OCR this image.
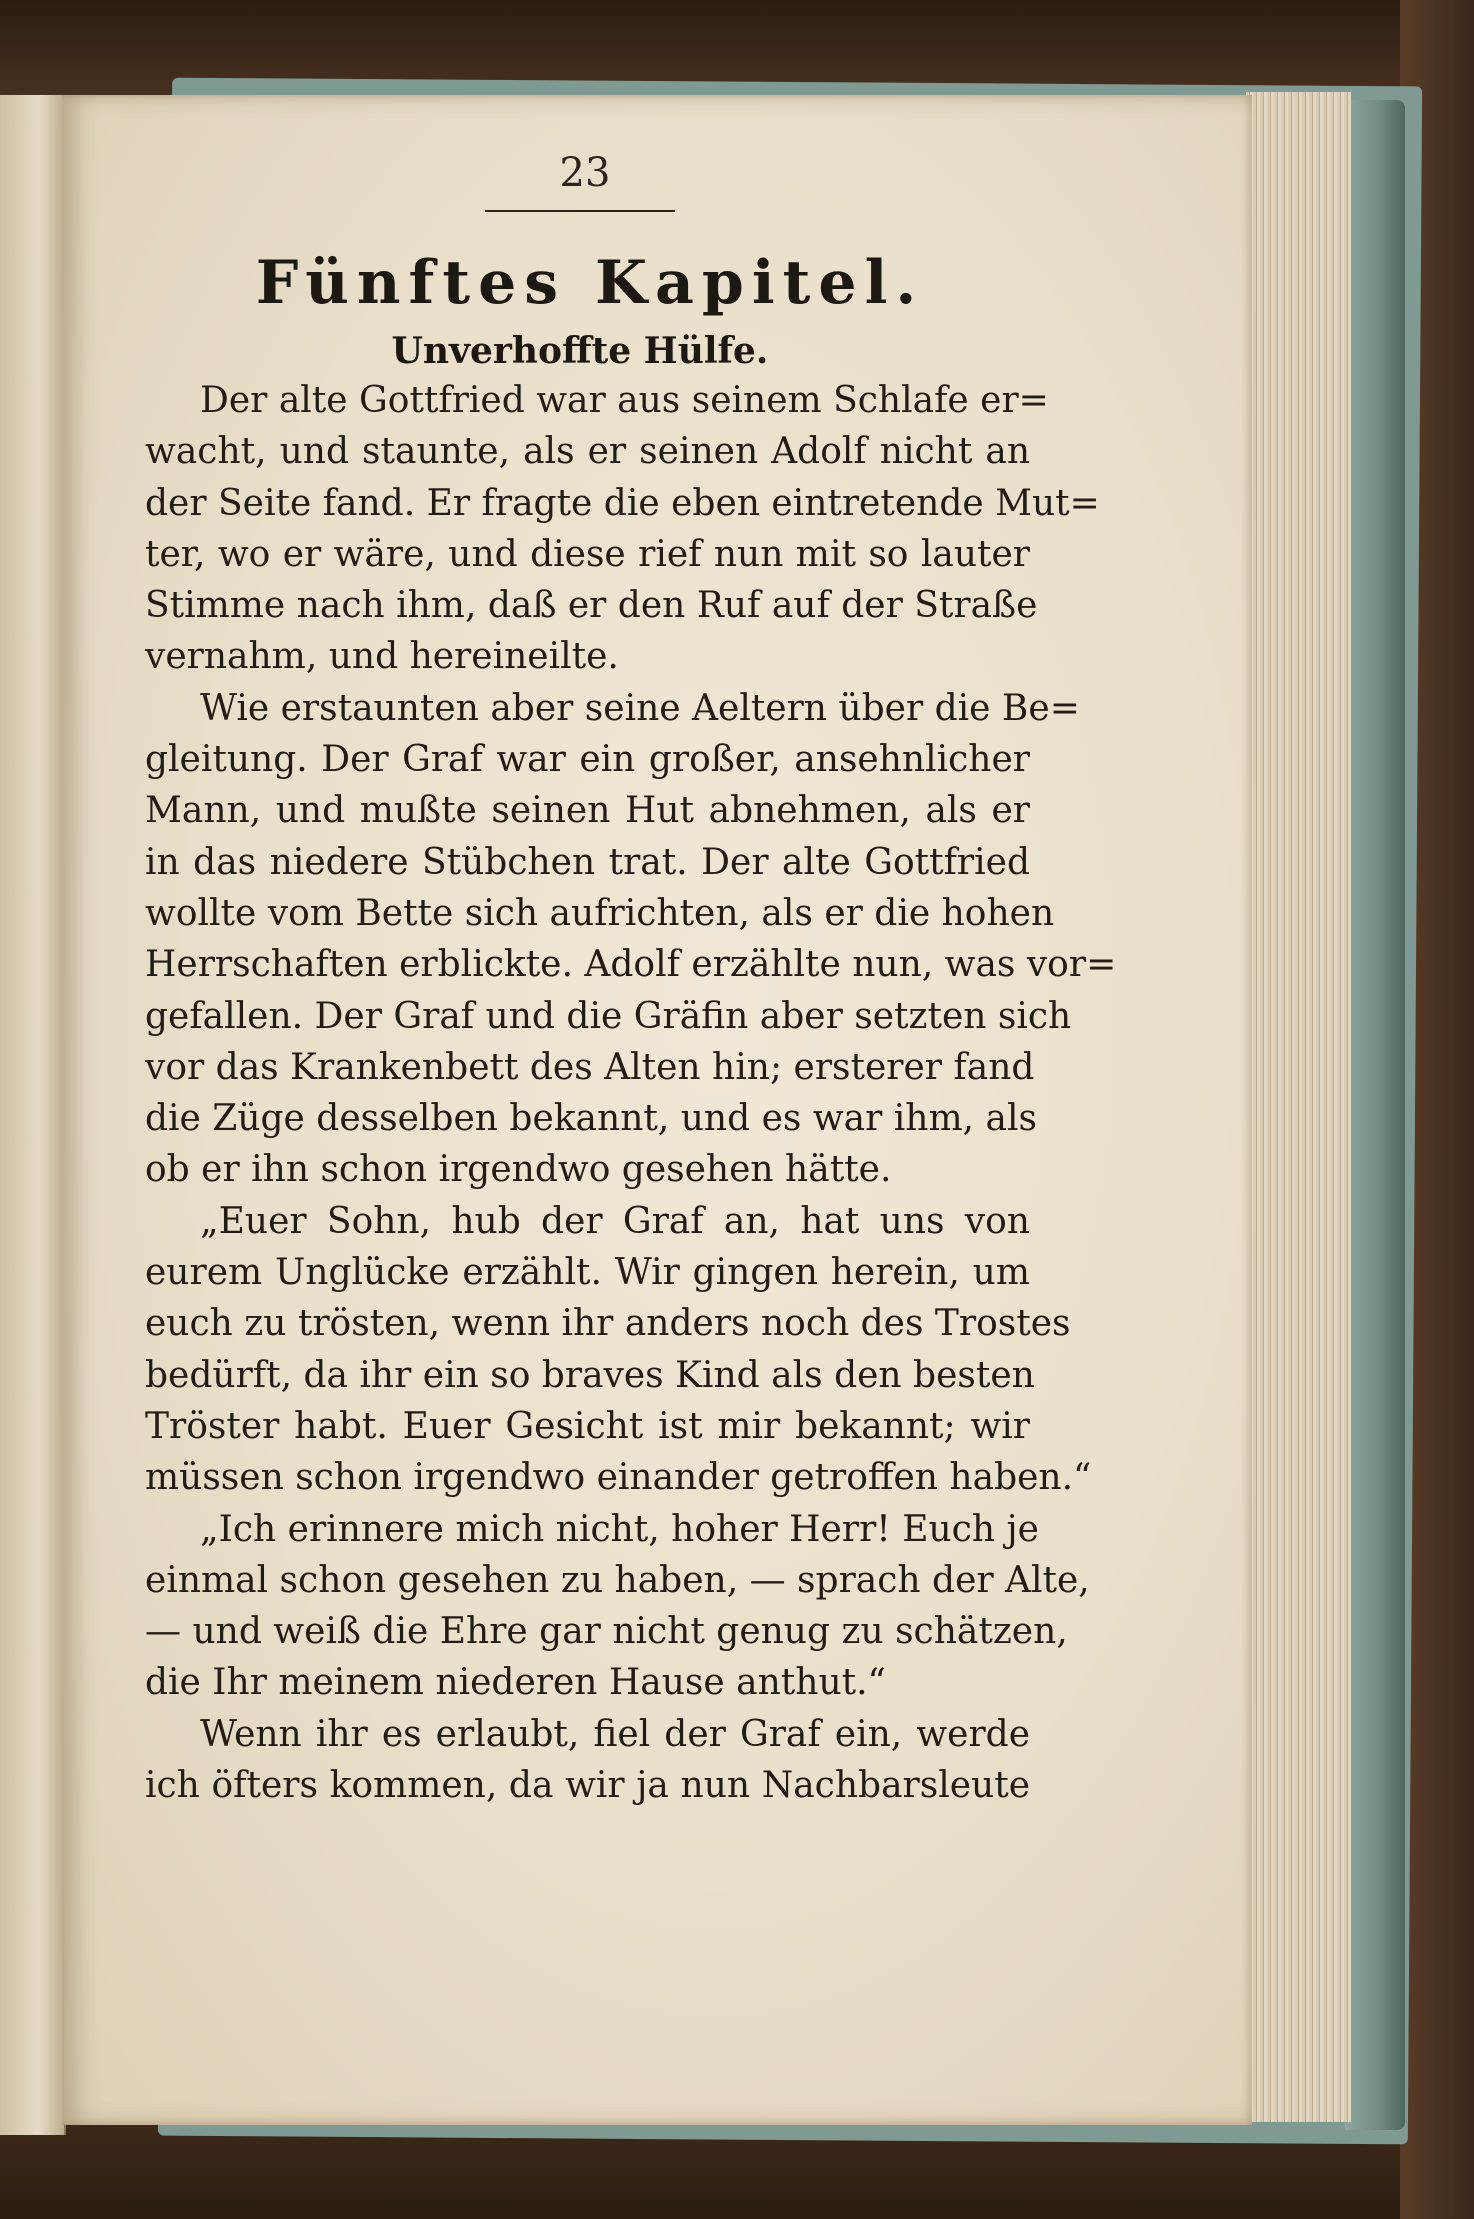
23
Fünftes Kapitel.
Unverhoffte Hülfe.
Der alte Gottfried war aus seinem Schlafe er=
wacht, und staunte, als er seinen Adolf nicht an
der Seite fand. Er fragte die eben eintretende Mut=
ter, wo er wäre, und diese rief nun mit so lauter
Stimme nach ihm, daß er den Ruf auf der Straße
vernahm, und hereineilte.
Wie erstaunten aber seine Aeltern über die Be=
gleitung. Der Graf war ein großer, ansehnlicher
Mann, und mußte seinen Hut abnehmen, als er
in das niedere Stübchen trat. Der alte Gottfried
wollte vom Bette sich aufrichten, als er die hohen
Herrschaften erblickte. Adolf erzählte nun, was vor=
gefallen. Der Graf und die Gräfin aber setzten sich
vor das Krankenbett des Alten hin; ersterer fand
die Züge desselben bekannt, und es war ihm, als
ob er ihn schon irgendwo gesehen hätte.
„Euer Sohn, hub der Graf an, hat uns von
eurem Unglücke erzählt. Wir gingen herein, um
euch zu trösten, wenn ihr anders noch des Trostes
bedürft, da ihr ein so braves Kind als den besten
Tröster habt. Euer Gesicht ist mir bekannt; wir
müssen schon irgendwo einander getroffen haben.“
„Ich erinnere mich nicht, hoher Herr! Euch je
einmal schon gesehen zu haben, — sprach der Alte,
— und weiß die Ehre gar nicht genug zu schätzen,
die Ihr meinem niederen Hause anthut.“
Wenn ihr es erlaubt, fiel der Graf ein, werde
ich öfters kommen, da wir ja nun Nachbarsleute
